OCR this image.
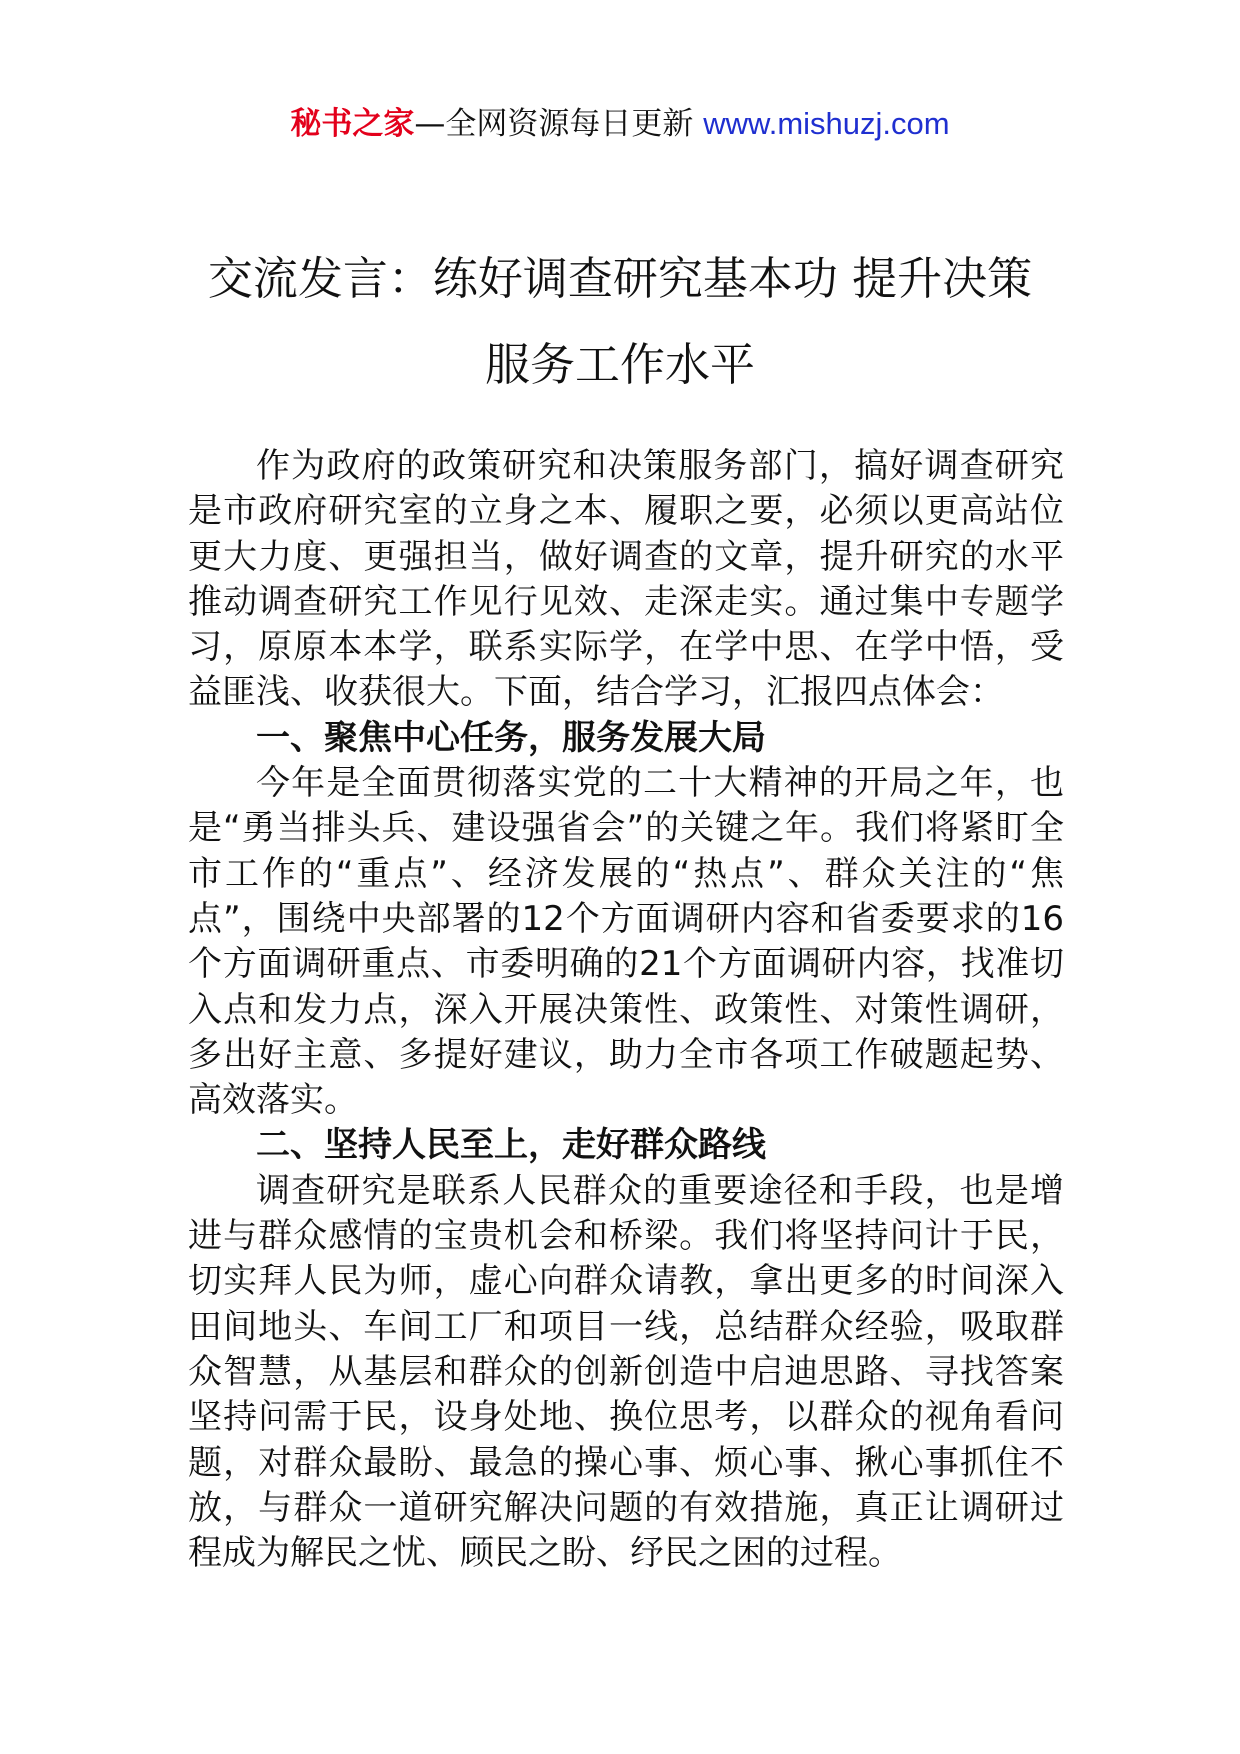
秘书之家—全网资源每日更新 www.mishuzj.com
交流发言：练好调查研究基本功 提升决策
服务工作水平

作为政府的政策研究和决策服务部门，搞好调查研究是市政府研究室的立身之本、履职之要，必须以更高站位更大力度、更强担当，做好调查的文章，提升研究的水平推动调查研究工作见行见效、走深走实。通过集中专题学习，原原本本学，联系实际学，在学中思、在学中悟，受益匪浅、收获很大。下面，结合学习，汇报四点体会：

一、聚焦中心任务，服务发展大局

今年是全面贯彻落实党的二十大精神的开局之年，也是“勇当排头兵、建设强省会”的关键之年。我们将紧盯全市工作的“重点”、经济发展的“热点”、群众关注的“焦点”，围绕中央部署的12个方面调研内容和省委要求的16个方面调研重点、市委明确的21个方面调研内容，找准切入点和发力点，深入开展决策性、政策性、对策性调研，多出好主意、多提好建议，助力全市各项工作破题起势、高效落实。

二、坚持人民至上，走好群众路线

调查研究是联系人民群众的重要途径和手段，也是增进与群众感情的宝贵机会和桥梁。我们将坚持问计于民，切实拜人民为师，虚心向群众请教，拿出更多的时间深入田间地头、车间工厂和项目一线，总结群众经验，吸取群众智慧，从基层和群众的创新创造中启迪思路、寻找答案坚持问需于民，设身处地、换位思考，以群众的视角看问题，对群众最盼、最急的操心事、烦心事、揪心事抓住不放，与群众一道研究解决问题的有效措施，真正让调研过程成为解民之忧、顾民之盼、纾民之困的过程。
